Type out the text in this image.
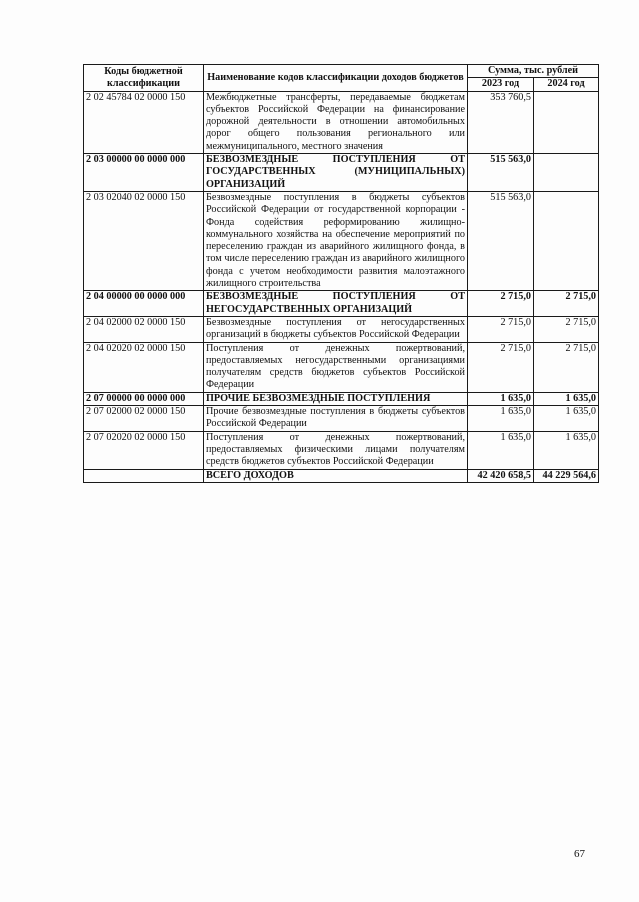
Коды бюджетной классификации	Наименование кодов классификации доходов бюджетов	Сумма, тыс. рублей	
		2023 год	2024 год
2 02 45784 02 0000 150	Межбюджетные трансферты, передаваемые бюджетам субъектов Российской Федерации на финансирование дорожной деятельности в отношении автомобильных дорог общего пользования регионального или межмуниципального, местного значения	353 760,5	
2 03 00000 00 0000 000	БЕЗВОЗМЕЗДНЫЕ ПОСТУПЛЕНИЯ ОТ ГОСУДАРСТВЕННЫХ (МУНИЦИПАЛЬНЫХ) ОРГАНИЗАЦИЙ	515 563,0	
2 03 02040 02 0000 150	Безвозмездные поступления в бюджеты субъектов Российской Федерации от государственной корпорации - Фонда содействия реформированию жилищно-коммунального хозяйства на обеспечение мероприятий по переселению граждан из аварийного жилищного фонда, в том числе переселению граждан из аварийного жилищного фонда с учетом необходимости развития малоэтажного жилищного строительства	515 563,0	
2 04 00000 00 0000 000	БЕЗВОЗМЕЗДНЫЕ ПОСТУПЛЕНИЯ ОТ НЕГОСУДАРСТВЕННЫХ ОРГАНИЗАЦИЙ	2 715,0	2 715,0
2 04 02000 02 0000 150	Безвозмездные поступления от негосударственных организаций в бюджеты субъектов Российской Федерации	2 715,0	2 715,0
2 04 02020 02 0000 150	Поступления от денежных пожертвований, предоставляемых негосударственными организациями получателям средств бюджетов субъектов Российской Федерации	2 715,0	2 715,0
2 07 00000 00 0000 000	ПРОЧИЕ БЕЗВОЗМЕЗДНЫЕ ПОСТУПЛЕНИЯ	1 635,0	1 635,0
2 07 02000 02 0000 150	Прочие безвозмездные поступления в бюджеты субъектов Российской Федерации	1 635,0	1 635,0
2 07 02020 02 0000 150	Поступления от денежных пожертвований, предоставляемых физическими лицами получателям средств бюджетов субъектов Российской Федерации	1 635,0	1 635,0
	ВСЕГО ДОХОДОВ	42 420 658,5	44 229 564,6
67
